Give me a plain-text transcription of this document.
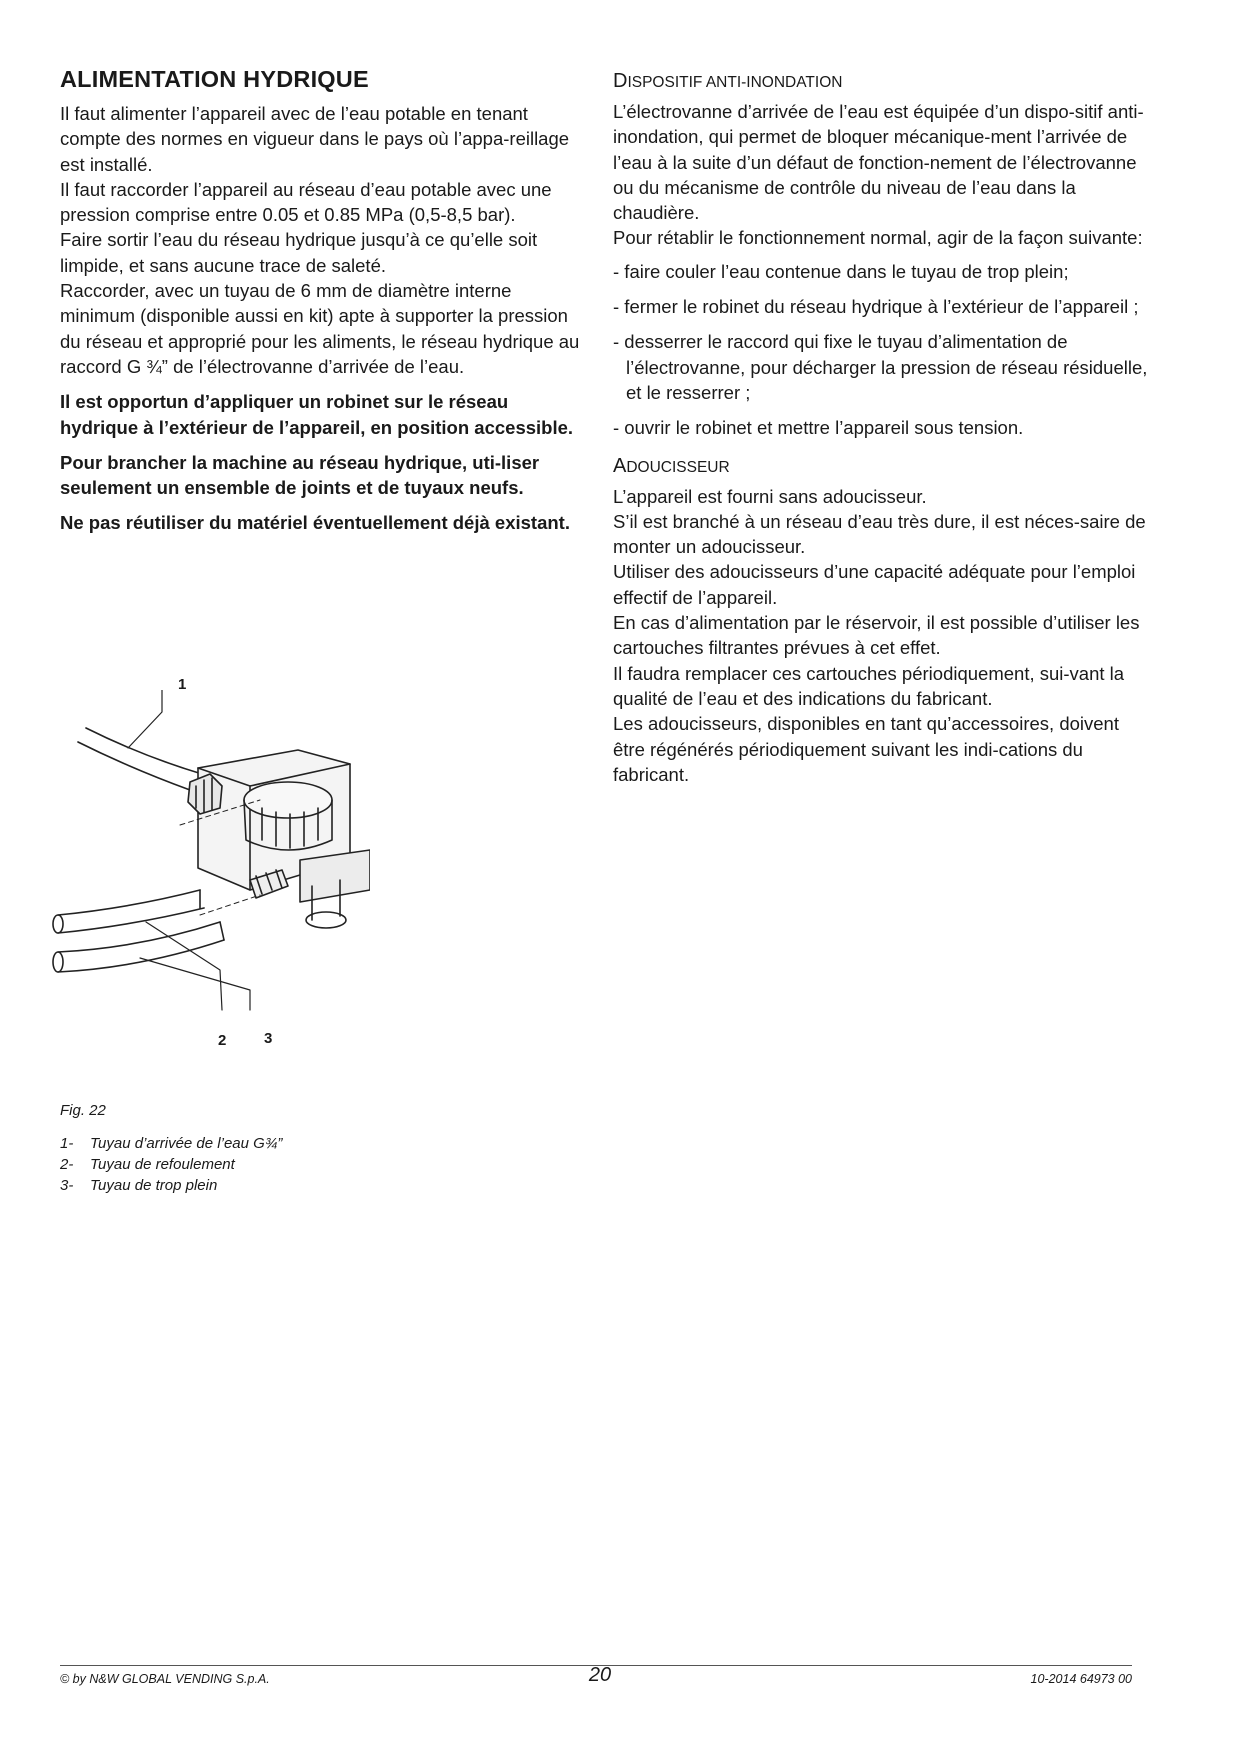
ALIMENTATION HYDRIQUE

Il faut alimenter l’appareil avec de l’eau potable en tenant compte des normes en vigueur dans le pays où l’appa-reillage est installé.

Il faut raccorder l’appareil au réseau d’eau potable avec une pression comprise entre 0.05 et 0.85 MPa (0,5-8,5 bar).

Faire sortir l’eau du réseau hydrique jusqu’à ce qu’elle soit limpide, et sans aucune trace de saleté.

Raccorder, avec un tuyau de 6 mm de diamètre interne minimum (disponible aussi en kit) apte à supporter la pression du réseau et approprié pour les aliments, le réseau hydrique au raccord G ¾” de l’électrovanne d’arrivée de l’eau.

Il est opportun d’appliquer un robinet sur le réseau hydrique à l’extérieur de l’appareil, en position accessible.

Pour brancher la machine au réseau hydrique, uti-liser seulement un ensemble de joints et de tuyaux neufs.

Ne pas réutiliser du matériel éventuellement déjà existant.

1
2	3
Fig. 22
1- Tuyau d’arrivée de l’eau G¾”
2- Tuyau de refoulement
3- Tuyau de trop plein
DISPOSITIF ANTI-INONDATION

L’électrovanne d’arrivée de l’eau est équipée d’un dispo-sitif anti-inondation, qui permet de bloquer mécanique-ment l’arrivée de l’eau à la suite d’un défaut de fonction-nement de l’électrovanne ou du mécanisme de contrôle du niveau de l’eau dans la chaudière.

Pour rétablir le fonctionnement normal, agir de la façon suivante:

- faire couler l’eau contenue dans le tuyau de trop plein;
- fermer le robinet du réseau hydrique à l’extérieur de l’appareil ;
- desserrer le raccord qui fixe le tuyau d’alimentation de l’électrovanne, pour décharger la pression de réseau résiduelle, et le resserrer ;
- ouvrir le robinet et mettre l’appareil sous tension.
ADOUCISSEUR

L’appareil est fourni sans adoucisseur.

S’il est branché à un réseau d’eau très dure, il est néces-saire de monter un adoucisseur.

Utiliser des adoucisseurs d’une capacité adéquate pour l’emploi effectif de l’appareil.

En cas d’alimentation par le réservoir, il est possible d’utiliser les cartouches filtrantes prévues à cet effet.

Il faudra remplacer ces cartouches périodiquement, sui-vant la qualité de l’eau et des indications du fabricant.

Les adoucisseurs, disponibles en tant qu’accessoires, doivent être régénérés périodiquement suivant les indi-cations du fabricant.

© by N&W GLOBAL VENDING S.p.A.	20	10-2014 64973 00
